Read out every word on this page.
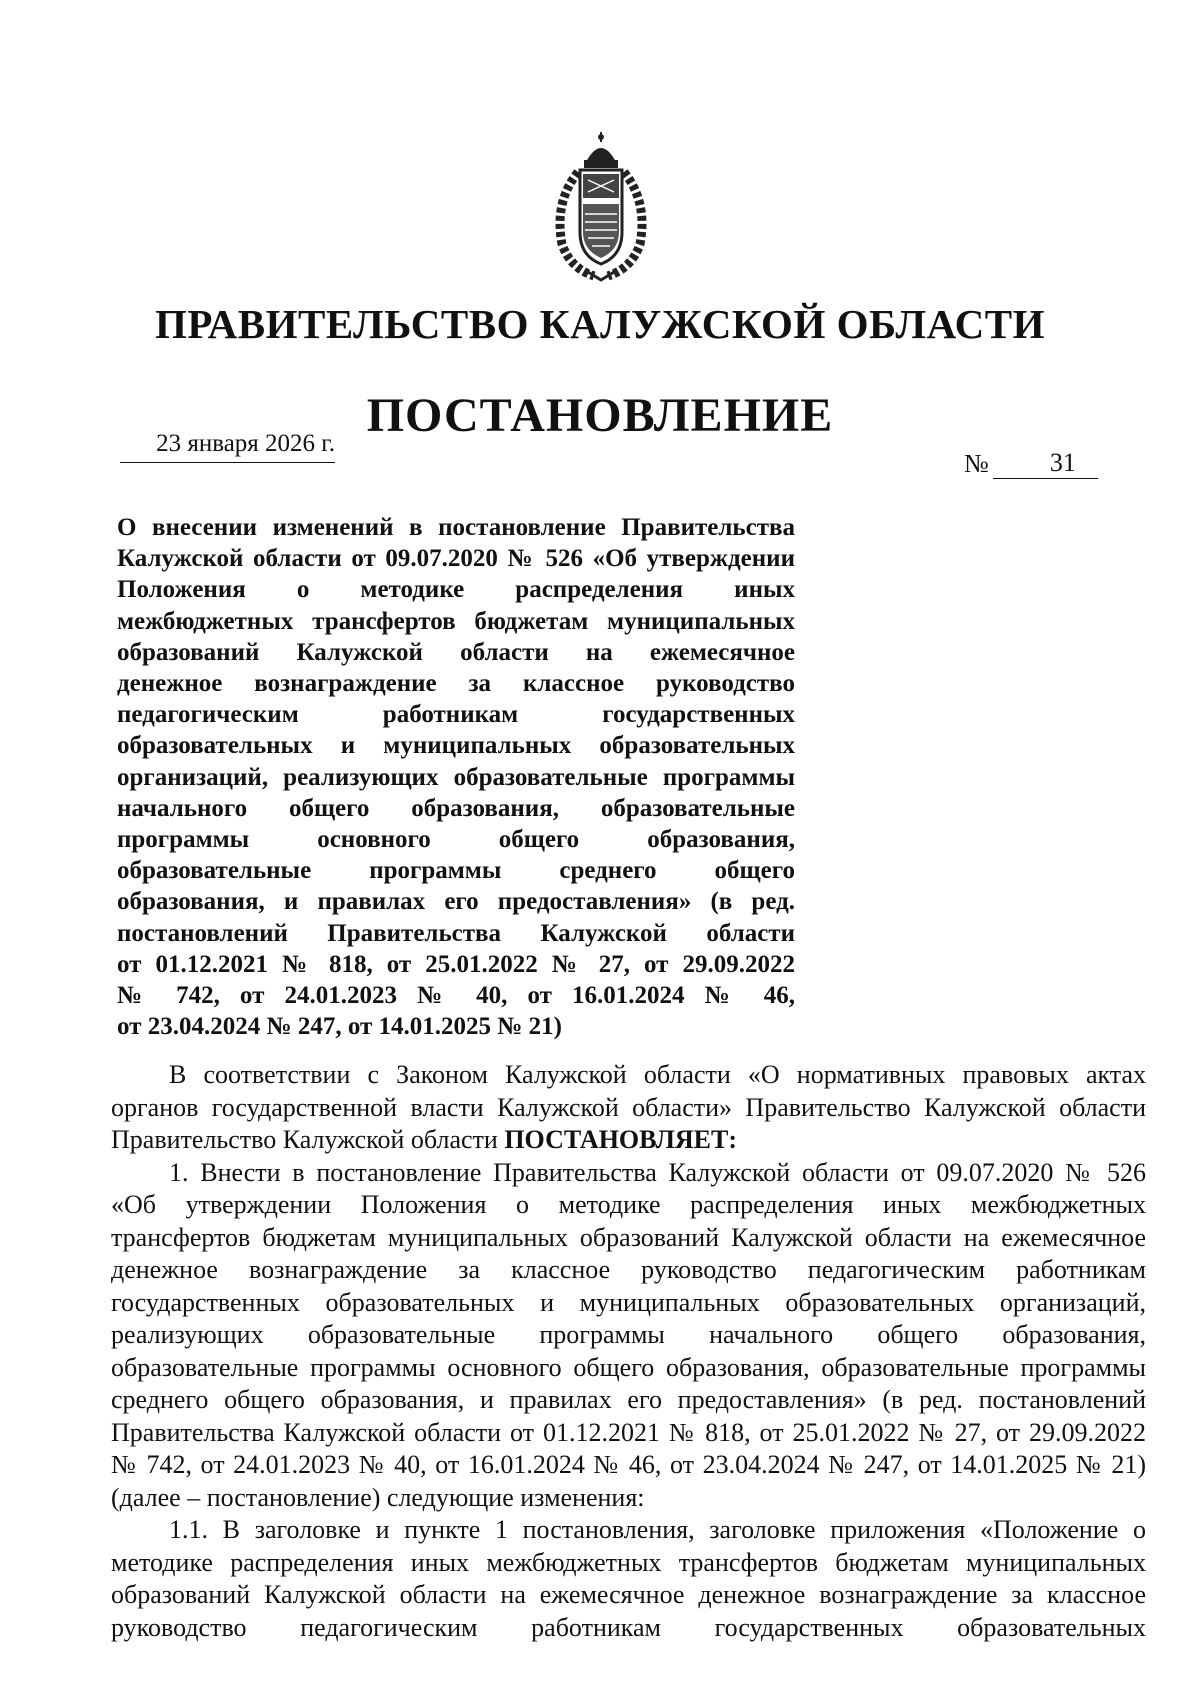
ПРАВИТЕЛЬСТВО КАЛУЖСКОЙ ОБЛАСТИ
ПОСТАНОВЛЕНИЕ
23 января 2026 г.
№	31
О внесении изменений в постановление Правительства
Калужской области от 09.07.2020 № 526 «Об утверждении
Положения о методике распределения иных
межбюджетных трансфертов бюджетам муниципальных
образований Калужской области на ежемесячное
денежное вознаграждение за классное руководство
педагогическим работникам государственных
образовательных и муниципальных образовательных
организаций, реализующих образовательные программы
начального общего образования, образовательные
программы основного общего образования,
образовательные программы среднего общего
образования, и правилах его предоставления» (в ред.
постановлений Правительства Калужской области
от 01.12.2021 № 818, от 25.01.2022 № 27, от 29.09.2022
№ 742, от 24.01.2023 № 40, от 16.01.2024 № 46,
от 23.04.2024 № 247, от 14.01.2025 № 21)
В соответствии с Законом Калужской области «О нормативных правовых актах
органов государственной власти Калужской области» Правительство Калужской области
Правительство Калужской области ПОСТАНОВЛЯЕТ:
1. Внести в постановление Правительства Калужской области от 09.07.2020 № 526
«Об утверждении Положения о методике распределения иных межбюджетных
трансфертов бюджетам муниципальных образований Калужской области на ежемесячное
денежное вознаграждение за классное руководство педагогическим работникам
государственных образовательных и муниципальных образовательных организаций,
реализующих образовательные программы начального общего образования,
образовательные программы основного общего образования, образовательные программы
среднего общего образования, и правилах его предоставления» (в ред. постановлений
Правительства Калужской области от 01.12.2021 № 818, от 25.01.2022 № 27, от 29.09.2022
№ 742, от 24.01.2023 № 40, от 16.01.2024 № 46, от 23.04.2024 № 247, от 14.01.2025 № 21)
(далее – постановление) следующие изменения:
1.1. В заголовке и пункте 1 постановления, заголовке приложения «Положение о
методике распределения иных межбюджетных трансфертов бюджетам муниципальных
образований Калужской области на ежемесячное денежное вознаграждение за классное
руководство педагогическим работникам государственных образовательных
